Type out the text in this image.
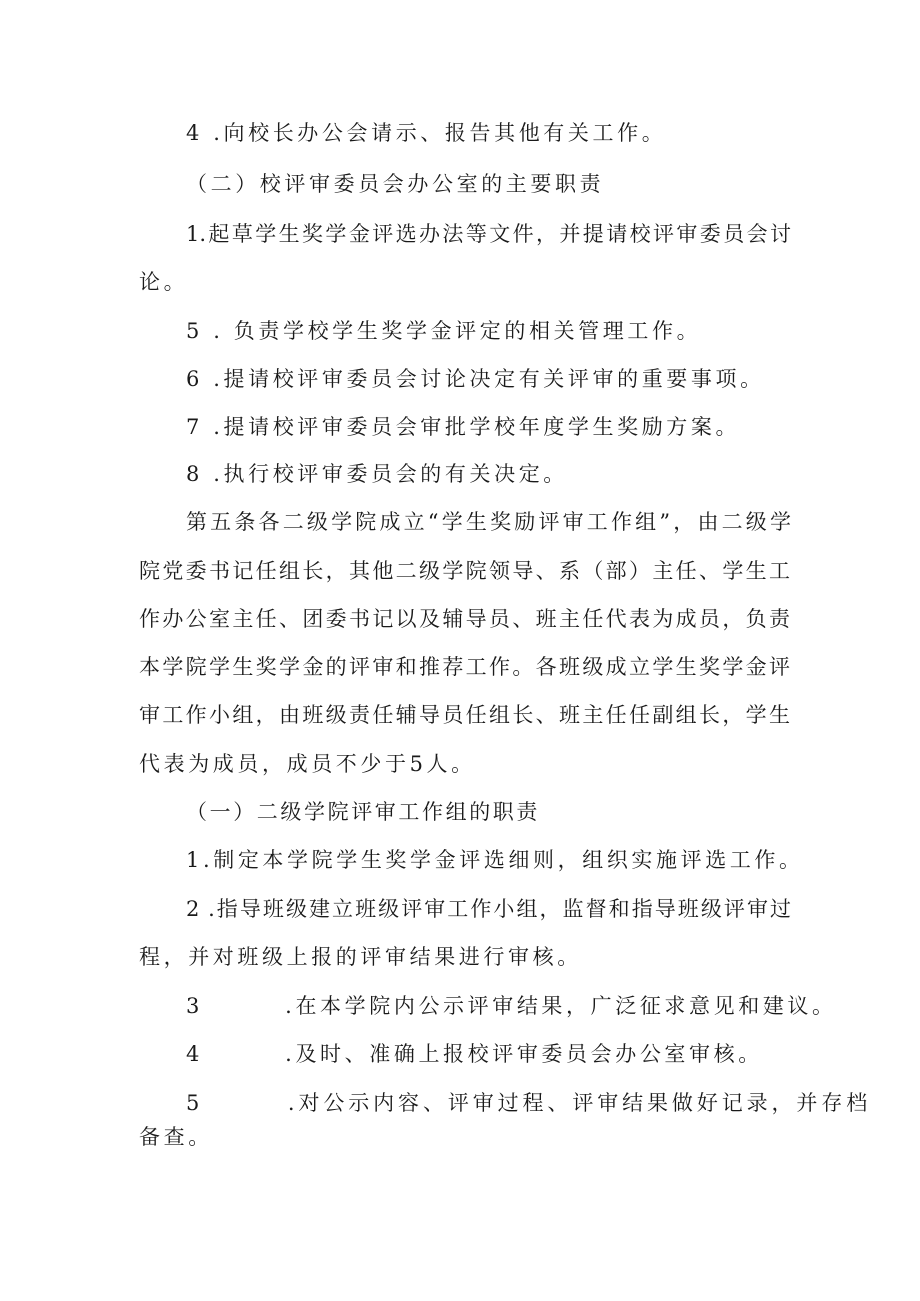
4 .向校长办公会请示、报告其他有关工作。
（二）校评审委员会办公室的主要职责
1.起草学生奖学金评选办法等文件，并提请校评审委员会讨
论。
5 . 负责学校学生奖学金评定的相关管理工作。
6 .提请校评审委员会讨论决定有关评审的重要事项。
7 .提请校评审委员会审批学校年度学生奖励方案。
8 .执行校评审委员会的有关决定。
第五条各二级学院成立“学生奖励评审工作组”，由二级学
院党委书记任组长，其他二级学院领导、系（部）主任、学生工
作办公室主任、团委书记以及辅导员、班主任代表为成员，负责
本学院学生奖学金的评审和推荐工作。各班级成立学生奖学金评
审工作小组，由班级责任辅导员任组长、班主任任副组长，学生
代表为成员，成员不少于5人。
（一）二级学院评审工作组的职责
1.制定本学院学生奖学金评选细则，组织实施评选工作。
2 .指导班级建立班级评审工作小组，监督和指导班级评审过
程，并对班级上报的评审结果进行审核。
3        .在本学院内公示评审结果，广泛征求意见和建议。
4        .及时、准确上报校评审委员会办公室审核。
5        .对公示内容、评审过程、评审结果做好记录，并存档
备查。
